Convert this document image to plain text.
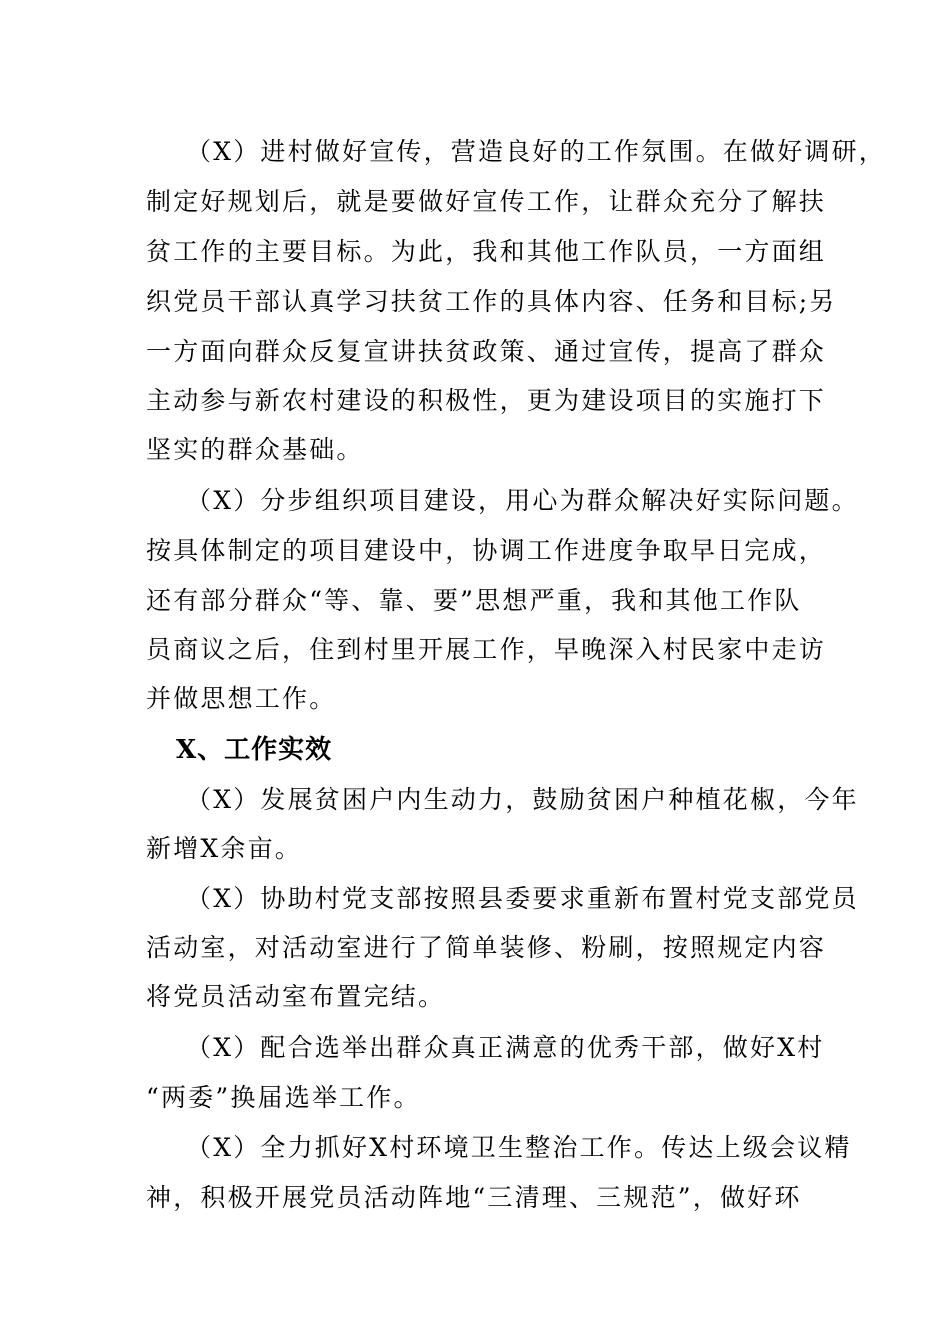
（X）进村做好宣传，营造良好的工作氛围。在做好调研，
制定好规划后，就是要做好宣传工作，让群众充分了解扶
贫工作的主要目标。为此，我和其他工作队员，一方面组
织党员干部认真学习扶贫工作的具体内容、任务和目标;另
一方面向群众反复宣讲扶贫政策、通过宣传，提高了群众
主动参与新农村建设的积极性，更为建设项目的实施打下
坚实的群众基础。
（X）分步组织项目建设，用心为群众解决好实际问题。
按具体制定的项目建设中，协调工作进度争取早日完成，
还有部分群众“等、靠、要”思想严重，我和其他工作队
员商议之后，住到村里开展工作，早晚深入村民家中走访
并做思想工作。
X、工作实效
（X）发展贫困户内生动力，鼓励贫困户种植花椒，今年
新增X余亩。
（X）协助村党支部按照县委要求重新布置村党支部党员
活动室，对活动室进行了简单装修、粉刷，按照规定内容
将党员活动室布置完结。
（X）配合选举出群众真正满意的优秀干部，做好X村
“两委”换届选举工作。
（X）全力抓好X村环境卫生整治工作。传达上级会议精
神，积极开展党员活动阵地“三清理、三规范”，做好环
